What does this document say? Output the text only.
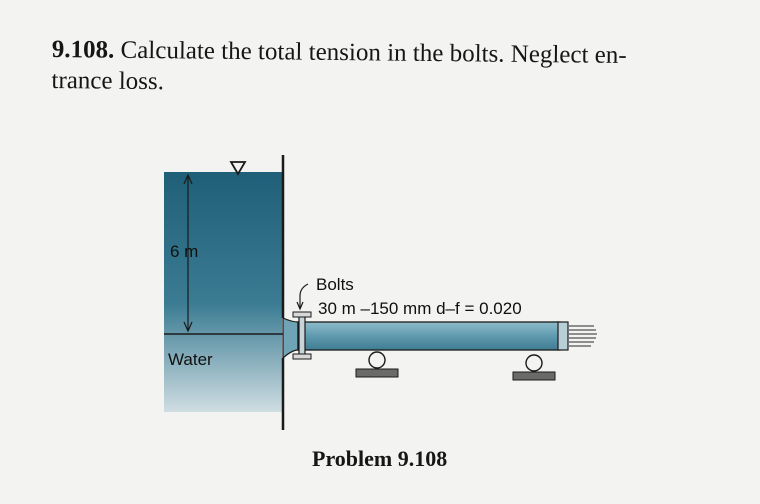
9.108. Calculate the total tension in the bolts. Neglect en-
trance loss.

6 m
Water
Bolts
30 m –150 mm d–f = 0.020

Problem 9.108
